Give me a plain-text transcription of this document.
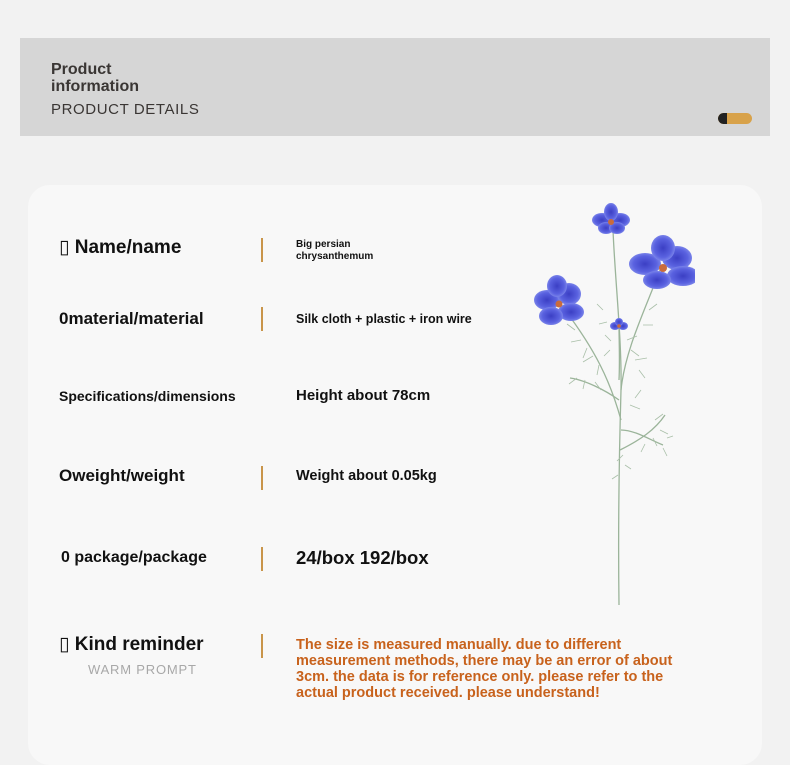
Product information
PRODUCT DETAILS
▯ Name/name	Big persian chrysanthemum
0material/material	Silk cloth + plastic + iron wire
Specifications/dimensions	Height about 78cm
Oweight/weight	Weight about 0.05kg
0 package/package	24/box 192/box
▯ Kind reminder
WARM PROMPT
The size is measured manually. due to different measurement methods, there may be an error of about 3cm. the data is for reference only. please refer to the actual product received. please understand!
